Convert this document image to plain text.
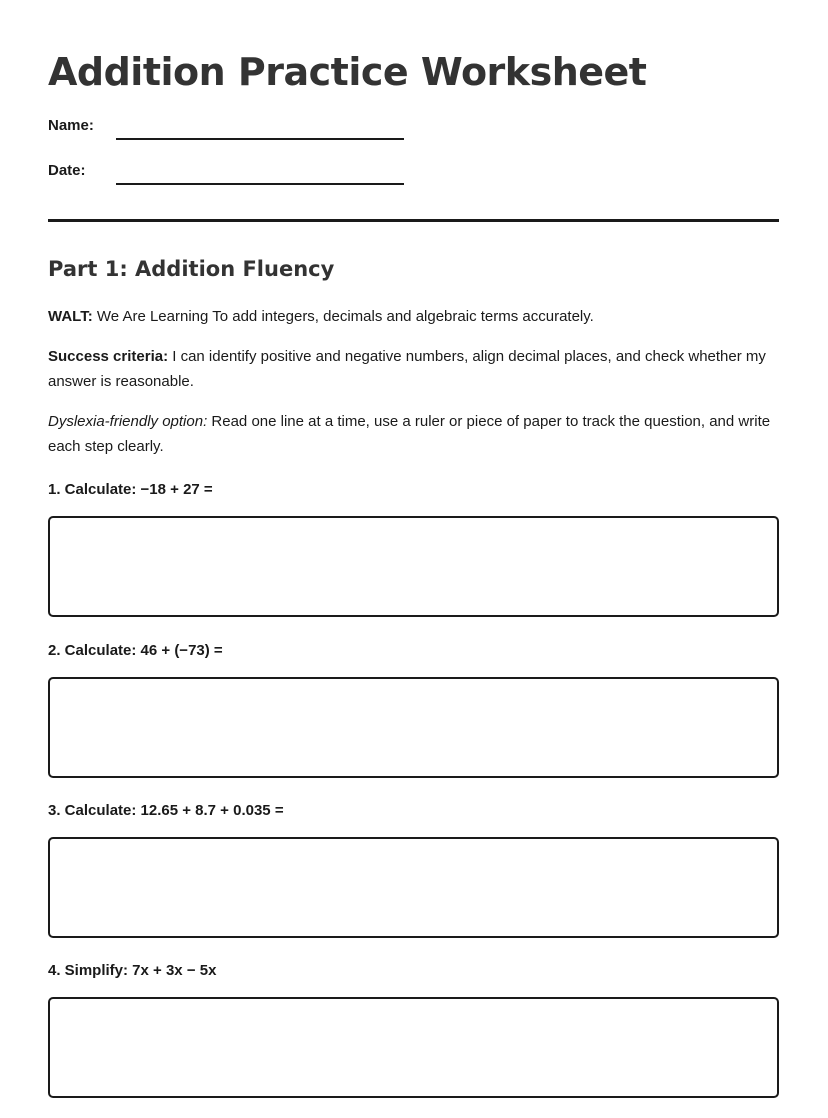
Addition Practice Worksheet
Name:
Date:
Part 1: Addition Fluency

WALT: We Are Learning To add integers, decimals and algebraic terms accurately.

Success criteria: I can identify positive and negative numbers, align decimal places, and check whether my answer is reasonable.

Dyslexia-friendly option: Read one line at a time, use a ruler or piece of paper to track the question, and write each step clearly.

1. Calculate: −18 + 27 =

2. Calculate: 46 + (−73) =

3. Calculate: 12.65 + 8.7 + 0.035 =

4. Simplify: 7x + 3x − 5x
